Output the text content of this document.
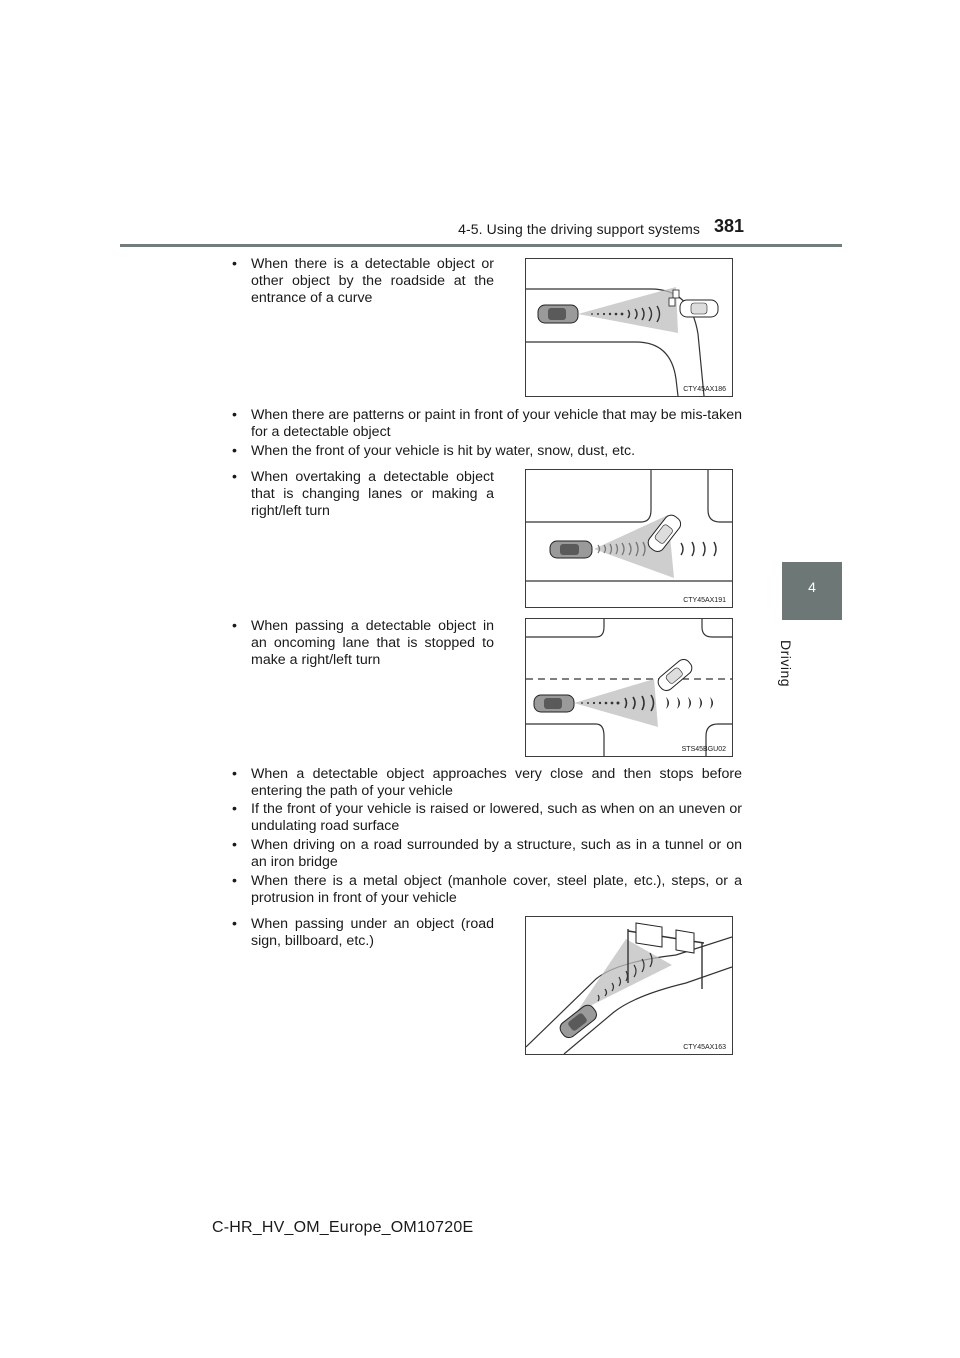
4-5. Using the driving support systems 381
4
Driving
• When there is a detectable object or other object by the roadside at the entrance of a curve
CTY45AX186
• When there are patterns or paint in front of your vehicle that may be mis-taken for a detectable object
• When the front of your vehicle is hit by water, snow, dust, etc.
• When overtaking a detectable object that is changing lanes or making a right/left turn
CTY45AX191
• When passing a detectable object in an oncoming lane that is stopped to make a right/left turn
STS45BGU02
• When a detectable object approaches very close and then stops before entering the path of your vehicle
• If the front of your vehicle is raised or lowered, such as when on an uneven or undulating road surface
• When driving on a road surrounded by a structure, such as in a tunnel or on an iron bridge
• When there is a metal object (manhole cover, steel plate, etc.), steps, or a protrusion in front of your vehicle
• When passing under an object (road sign, billboard, etc.)
CTY45AX163
C-HR_HV_OM_Europe_OM10720E
